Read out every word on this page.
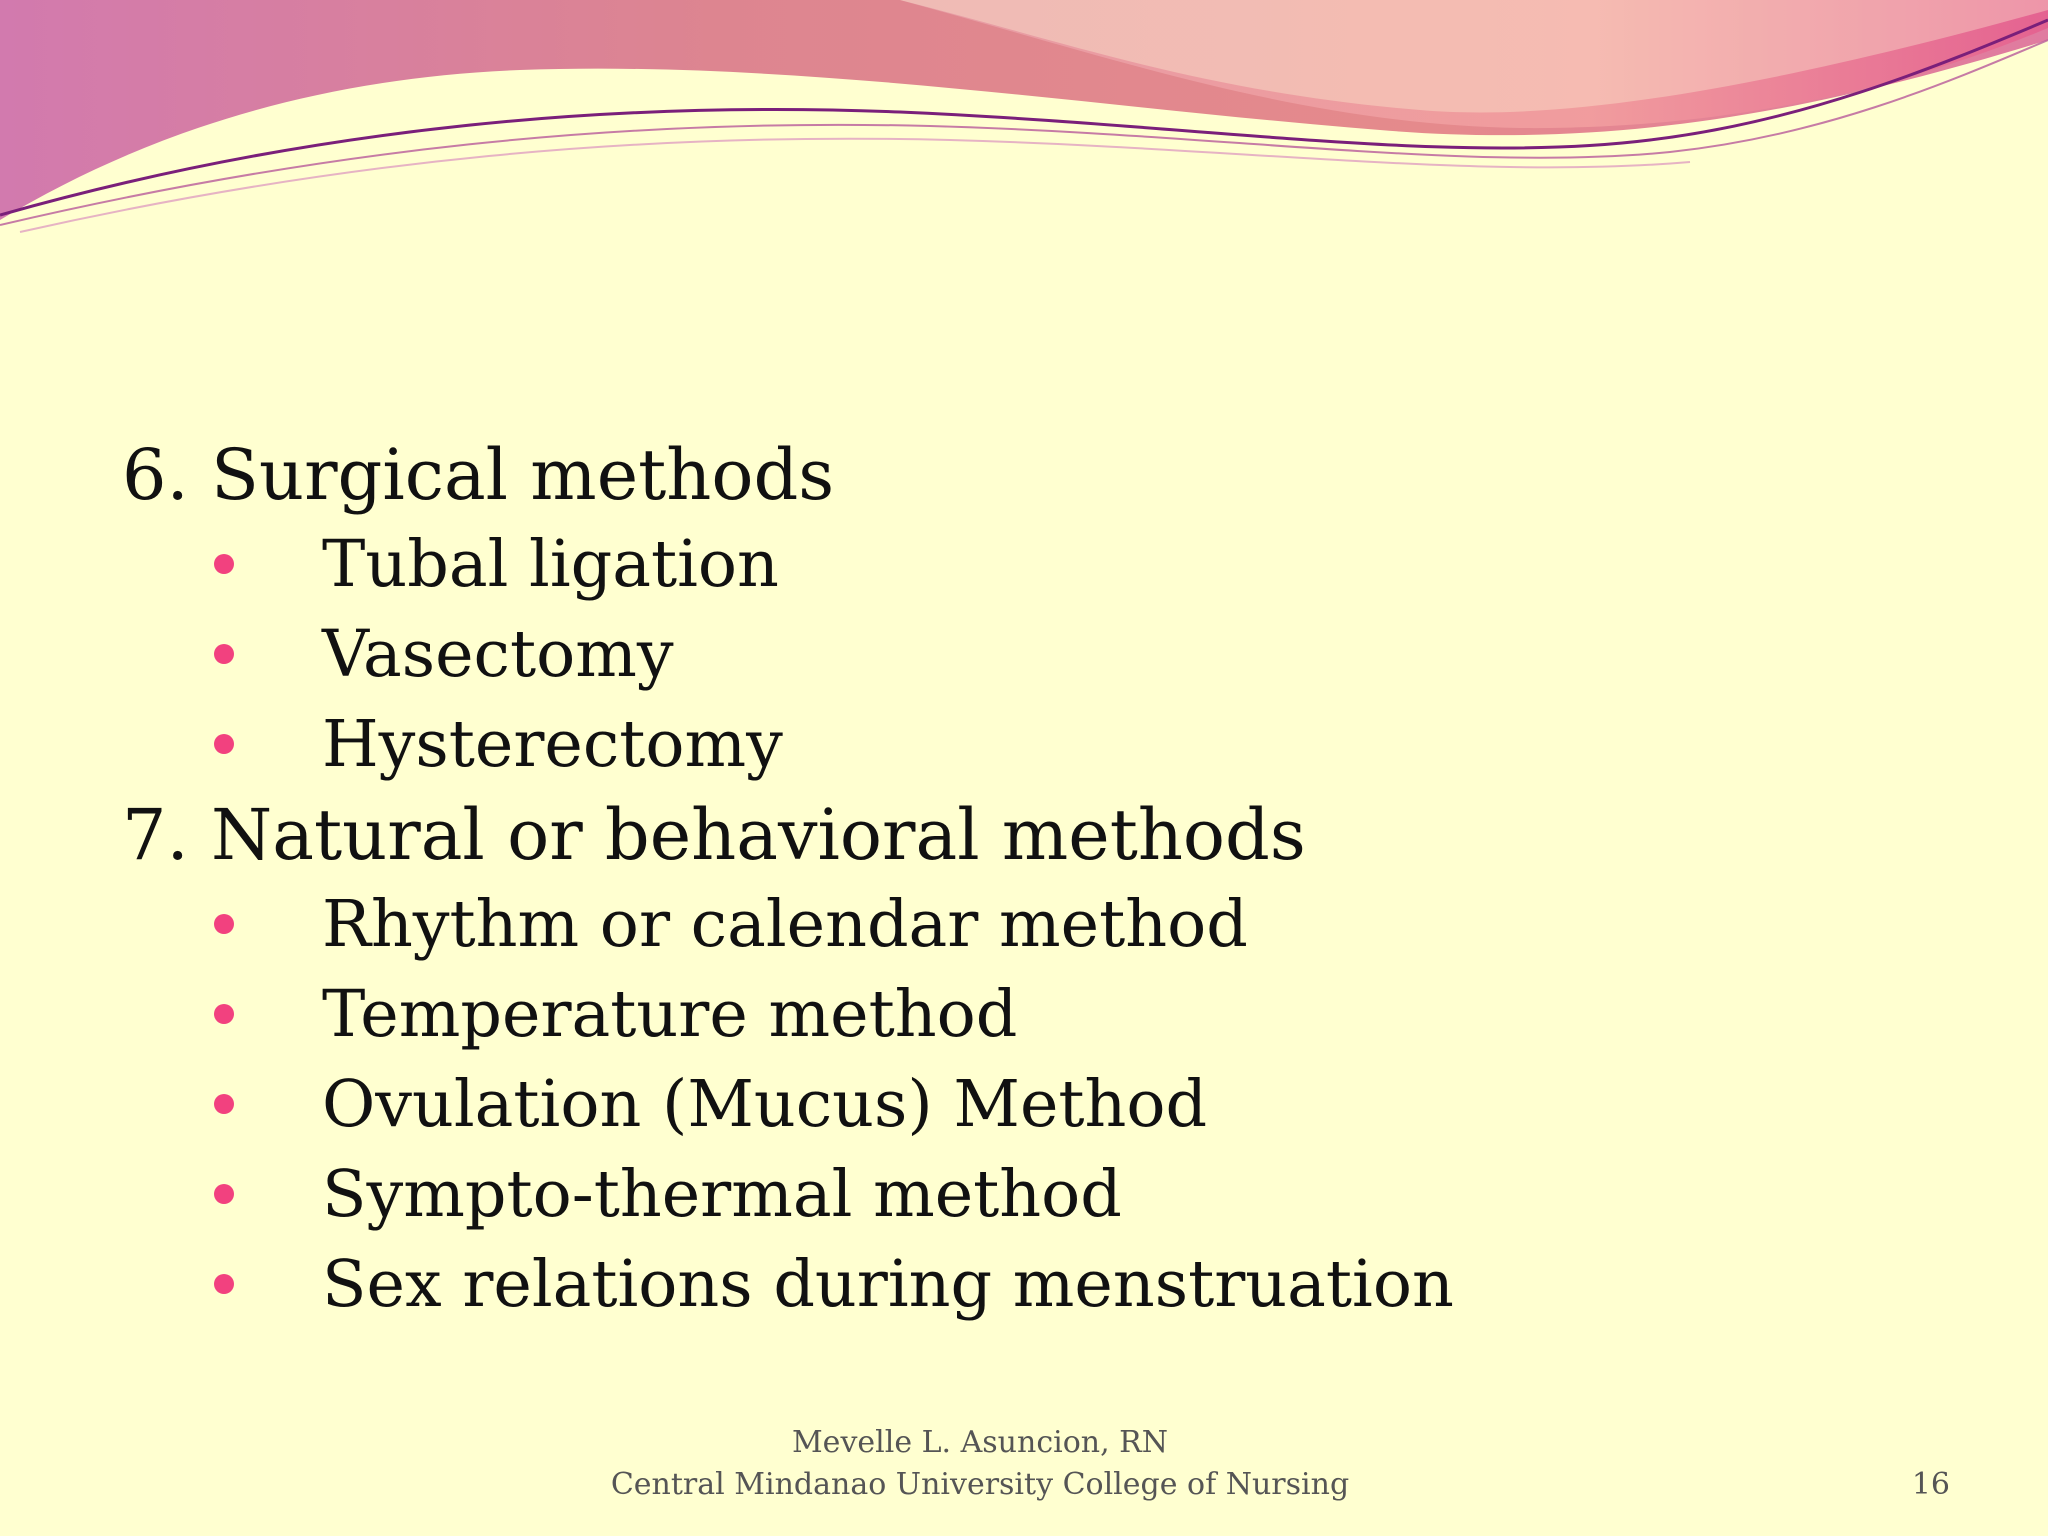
6. Surgical methods

Tubal ligation
Vasectomy
Hysterectomy

7. Natural or behavioral methods

Rhythm or calendar method
Temperature method
Ovulation (Mucus) Method
Sympto-thermal method
Sex relations during menstruation
Mevelle L. Asuncion, RN
Central Mindanao University College of Nursing	16
